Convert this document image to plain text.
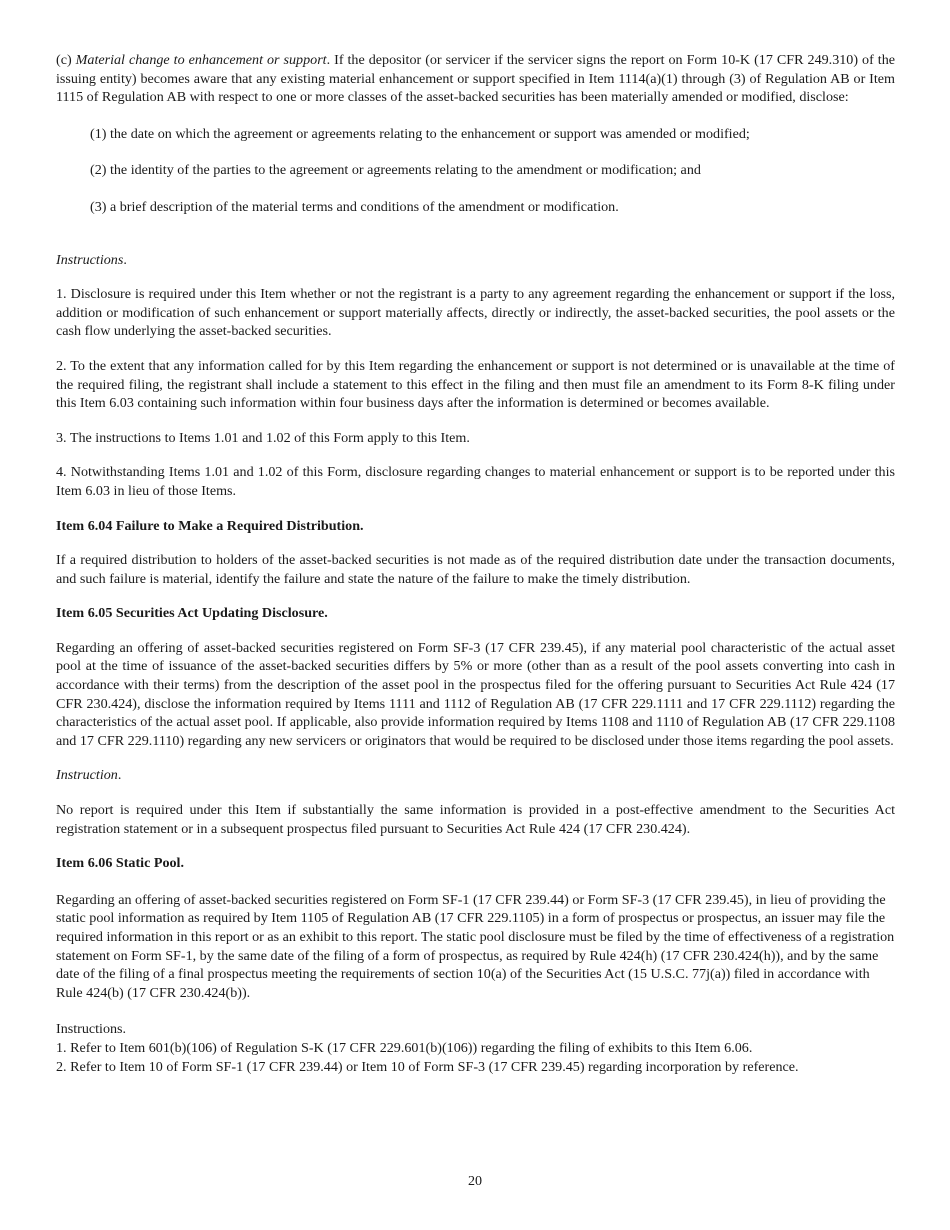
(c) Material change to enhancement or support. If the depositor (or servicer if the servicer signs the report on Form 10-K (17 CFR 249.310) of the issuing entity) becomes aware that any existing material enhancement or support specified in Item 1114(a)(1) through (3) of Regulation AB or Item 1115 of Regulation AB with respect to one or more classes of the asset-backed securities has been materially amended or modified, disclose:

(1) the date on which the agreement or agreements relating to the enhancement or support was amended or modified;

(2) the identity of the parties to the agreement or agreements relating to the amendment or modification; and

(3) a brief description of the material terms and conditions of the amendment or modification.

Instructions.

1. Disclosure is required under this Item whether or not the registrant is a party to any agreement regarding the enhancement or support if the loss, addition or modification of such enhancement or support materially affects, directly or indirectly, the asset-backed securities, the pool assets or the cash flow underlying the asset-backed securities.

2. To the extent that any information called for by this Item regarding the enhancement or support is not determined or is unavailable at the time of the required filing, the registrant shall include a statement to this effect in the filing and then must file an amendment to its Form 8-K filing under this Item 6.03 containing such information within four business days after the information is determined or becomes available.

3. The instructions to Items 1.01 and 1.02 of this Form apply to this Item.

4. Notwithstanding Items 1.01 and 1.02 of this Form, disclosure regarding changes to material enhancement or support is to be reported under this Item 6.03 in lieu of those Items.

Item 6.04 Failure to Make a Required Distribution.

If a required distribution to holders of the asset-backed securities is not made as of the required distribution date under the transaction documents, and such failure is material, identify the failure and state the nature of the failure to make the timely distribution.

Item 6.05 Securities Act Updating Disclosure.

Regarding an offering of asset-backed securities registered on Form SF-3 (17 CFR 239.45), if any material pool characteristic of the actual asset pool at the time of issuance of the asset-backed securities differs by 5% or more (other than as a result of the pool assets converting into cash in accordance with their terms) from the description of the asset pool in the prospectus filed for the offering pursuant to Securities Act Rule 424 (17 CFR 230.424), disclose the information required by Items 1111 and 1112 of Regulation AB (17 CFR 229.1111 and 17 CFR 229.1112) regarding the characteristics of the actual asset pool. If applicable, also provide information required by Items 1108 and 1110 of Regulation AB (17 CFR 229.1108 and 17 CFR 229.1110) regarding any new servicers or originators that would be required to be disclosed under those items regarding the pool assets.

Instruction.

No report is required under this Item if substantially the same information is provided in a post-effective amendment to the Securities Act registration statement or in a subsequent prospectus filed pursuant to Securities Act Rule 424 (17 CFR 230.424).

Item 6.06 Static Pool.

Regarding an offering of asset-backed securities registered on Form SF-1 (17 CFR 239.44) or Form SF-3 (17 CFR 239.45), in lieu of providing the static pool information as required by Item 1105 of Regulation AB (17 CFR 229.1105) in a form of prospectus or prospectus, an issuer may file the required information in this report or as an exhibit to this report. The static pool disclosure must be filed by the time of effectiveness of a registration statement on Form SF-1, by the same date of the filing of a form of prospectus, as required by Rule 424(h) (17 CFR 230.424(h)), and by the same date of the filing of a final prospectus meeting the requirements of section 10(a) of the Securities Act (15 U.S.C. 77j(a)) filed in accordance with Rule 424(b) (17 CFR 230.424(b)).

Instructions.

1. Refer to Item 601(b)(106) of Regulation S-K (17 CFR 229.601(b)(106)) regarding the filing of exhibits to this Item 6.06.

2. Refer to Item 10 of Form SF-1 (17 CFR 239.44) or Item 10 of Form SF-3 (17 CFR 239.45) regarding incorporation by reference.

20
